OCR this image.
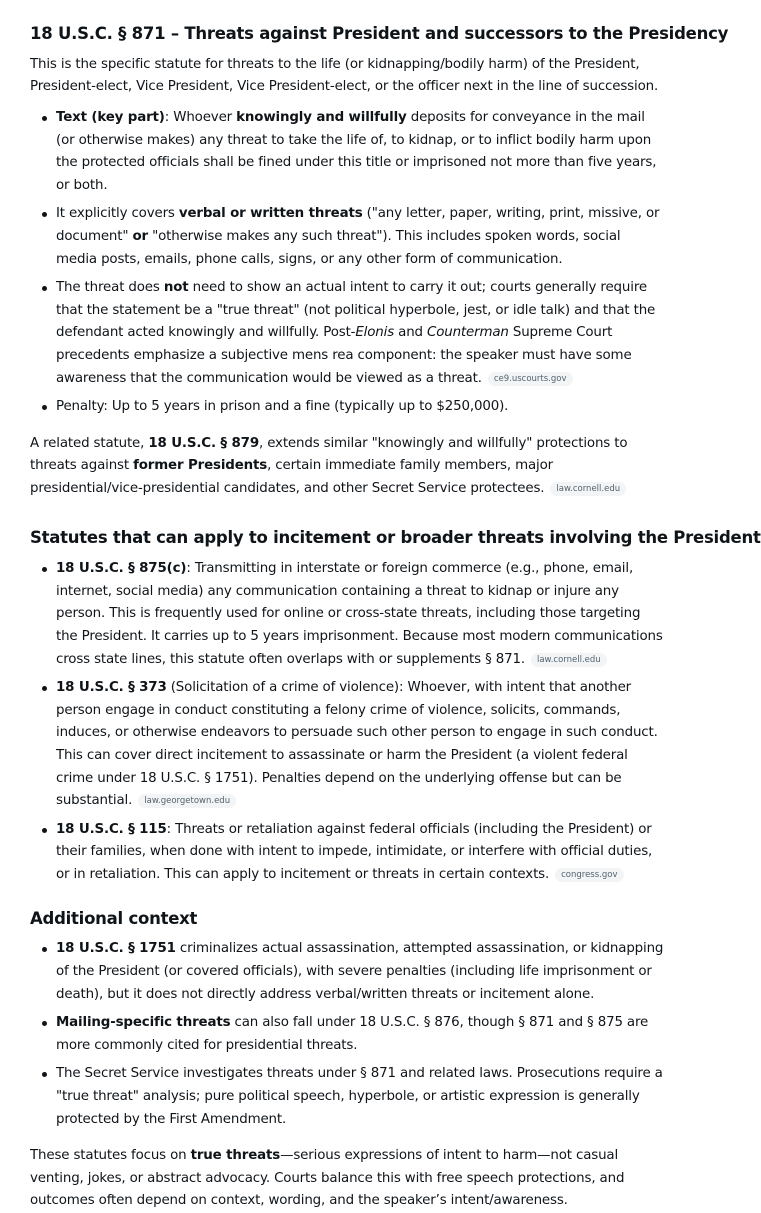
18 U.S.C. § 871 – Threats against President and successors to the Presidency

This is the specific statute for threats to the life (or kidnapping/bodily harm) of the President, President-elect, Vice President, Vice President-elect, or the officer next in the line of succession.

Text (key part): Whoever knowingly and willfully deposits for conveyance in the mail (or otherwise makes) any threat to take the life of, to kidnap, or to inflict bodily harm upon the protected officials shall be fined under this title or imprisoned not more than five years, or both.
It explicitly covers verbal or written threats ("any letter, paper, writing, print, missive, or document" or "otherwise makes any such threat"). This includes spoken words, social media posts, emails, phone calls, signs, or any other form of communication.
The threat does not need to show an actual intent to carry it out; courts generally require that the statement be a "true threat" (not political hyperbole, jest, or idle talk) and that the defendant acted knowingly and willfully. Post-Elonis and Counterman Supreme Court precedents emphasize a subjective mens rea component: the speaker must have some awareness that the communication would be viewed as a threat. ce9.uscourts.gov
Penalty: Up to 5 years in prison and a fine (typically up to $250,000).

A related statute, 18 U.S.C. § 879, extends similar "knowingly and willfully" protections to threats against former Presidents, certain immediate family members, major presidential/vice-presidential candidates, and other Secret Service protectees. law.cornell.edu

Statutes that can apply to incitement or broader threats involving the President
18 U.S.C. § 875(c): Transmitting in interstate or foreign commerce (e.g., phone, email, internet, social media) any communication containing a threat to kidnap or injure any person. This is frequently used for online or cross-state threats, including those targeting the President. It carries up to 5 years imprisonment. Because most modern communications cross state lines, this statute often overlaps with or supplements § 871. law.cornell.edu
18 U.S.C. § 373 (Solicitation of a crime of violence): Whoever, with intent that another person engage in conduct constituting a felony crime of violence, solicits, commands, induces, or otherwise endeavors to persuade such other person to engage in such conduct. This can cover direct incitement to assassinate or harm the President (a violent federal crime under 18 U.S.C. § 1751). Penalties depend on the underlying offense but can be substantial. law.georgetown.edu
18 U.S.C. § 115: Threats or retaliation against federal officials (including the President) or their families, when done with intent to impede, intimidate, or interfere with official duties, or in retaliation. This can apply to incitement or threats in certain contexts. congress.gov
Additional context
18 U.S.C. § 1751 criminalizes actual assassination, attempted assassination, or kidnapping of the President (or covered officials), with severe penalties (including life imprisonment or death), but it does not directly address verbal/written threats or incitement alone.
Mailing-specific threats can also fall under 18 U.S.C. § 876, though § 871 and § 875 are more commonly cited for presidential threats.
The Secret Service investigates threats under § 871 and related laws. Prosecutions require a "true threat" analysis; pure political speech, hyperbole, or artistic expression is generally protected by the First Amendment.

These statutes focus on true threats—serious expressions of intent to harm—not casual venting, jokes, or abstract advocacy. Courts balance this with free speech protections, and outcomes often depend on context, wording, and the speaker’s intent/awareness.
